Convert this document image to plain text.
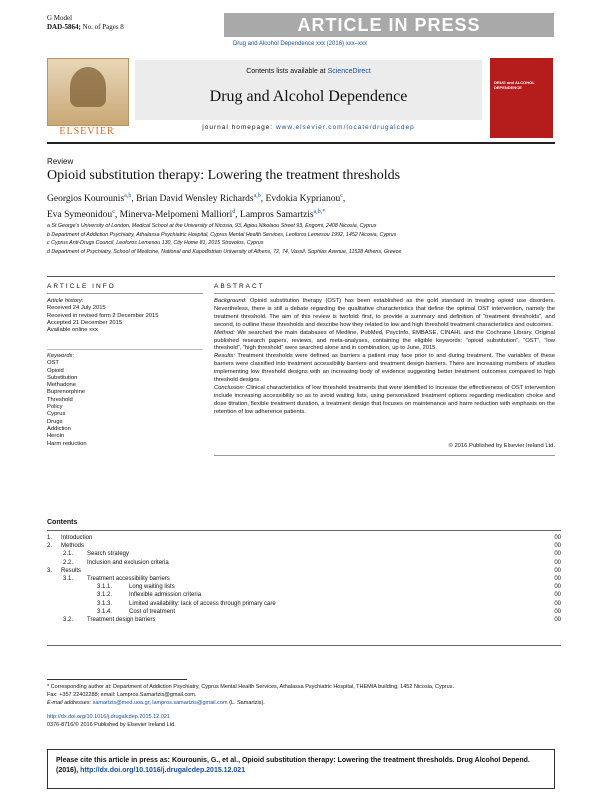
G Model
DAD-5864; No. of Pages 8	ARTICLE IN PRESS
Drug and Alcohol Dependence xxx (2016) xxx–xxx
ELSEVIER
Contents lists available at ScienceDirect
Drug and Alcohol Dependence
journal homepage: www.elsevier.com/locate/drugalcdep
DRUG and ALCOHOL DEPENDENCE
Review
Opioid substitution therapy: Lowering the treatment thresholds
Georgios Kourounis$^{a,b}$, Brian David Wensley Richards$^{a,b}$, Evdokia Kyprianou$^c$,
Eva Symeonidou$^c$, Minerva-Melpomeni Malliori$^d$, Lampros Samartzis$^{a,b,*}$
a St George's University of London, Medical School at the University of Nicosia, 93, Agiou Nikolaou Street 93, Engomi, 2408 Nicosia, Cyprus
b Department of Addiction Psychiatry, Athalassa Psychiatric Hospital, Cyprus Mental Health Services, Leoforos Lemesou 1992, 1452 Nicosia, Cyprus
c Cyprus Anti-Drugs Council, Leoforos Lemesou 130, City Home 81, 2015 Strovolos, Cyprus
d Department of Psychiatry, School of Medicine, National and Kapodistrian University of Athens, 72, 74, Vassil. Sophias Avenue, 11528 Athens, Greece
ARTICLE INFO
Article history:
Received 24 July 2015
Received in revised form 2 December 2015
Accepted 21 December 2015
Available online xxx
Keywords:
OST
Opioid
Substitution
Methadone
Buprenorphine
Threshold
Policy
Cyprus
Drugs
Addiction
Heroin
Harm reduction
ABSTRACT
Background: Opioid substitution therapy (OST) has been established as the gold standard in treating opioid use disorders. Nevertheless, there is still a debate regarding the qualitative characteristics that define the optimal OST intervention, namely the treatment threshold. The aim of this review is twofold: first, to provide a summary and definition of “treatment thresholds”, and second, to outline these thresholds and describe how they related to low and high threshold treatment characteristics and outcomes.
Method: We searched the main databases of Medline, PubMed, PsycInfo, EMBASE, CINAHL and the Cochrane Library. Original published research papers, reviews, and meta-analyses, containing the eligible keywords: “opioid substitution”, “OST”, “low threshold”, “high threshold” were searched alone and in combination, up to June, 2015.
Results: Treatment thresholds were defined as barriers a patient may face prior to and during treatment. The variables of these barriers were classified into treatment accessibility barriers and treatment design barriers. There are increasing numbers of studies implementing low threshold designs with an increasing body of evidence suggesting better treatment outcomes compared to high threshold designs.
Conclusion: Clinical characteristics of low threshold treatments that were identified to increase the effectiveness of OST intervention include increasing accessibility so as to avoid waiting lists, using personalized treatment options regarding medication choice and dose titration, flexible treatment duration, a treatment design that focuses on maintenance and harm reduction with emphasis on the retention of low adherence patients.
© 2016 Published by Elsevier Ireland Ltd.
Contents
1. Introduction	00
2. Methods	00
2.1. Search strategy	00
2.2. Inclusion and exclusion criteria	00
3. Results	00
3.1. Treatment accessibility barriers	00
3.1.1.	Long waiting lists	00
3.1.2.	Inflexible admission criteria	00
3.1.3.	Limited availability: lack of access through primary care	00
3.1.4.	Cost of treatment	00
3.2. Treatment design barriers	00
* Corresponding author at: Department of Addiction Psychiatry, Cyprus Mental Health Services, Athalassa Psychiatric Hospital, THEMIA building, 1452 Nicosia, Cyprus.
Fax: +357 22402288; email: Lampros.Samartzis@gmail.com.
E-mail addresses: samartzis@med.uoa.gr, lampros.samartzis@gmail.com (L. Samartzis).
http://dx.doi.org/10.1016/j.drugalcdep.2015.12.021
0376-8716/© 2016 Published by Elsevier Ireland Ltd.
Please cite this article in press as: Kourounis, G., et al., Opioid substitution therapy: Lowering the treatment thresholds. Drug Alcohol Depend. (2016), http://dx.doi.org/10.1016/j.drugalcdep.2015.12.021
